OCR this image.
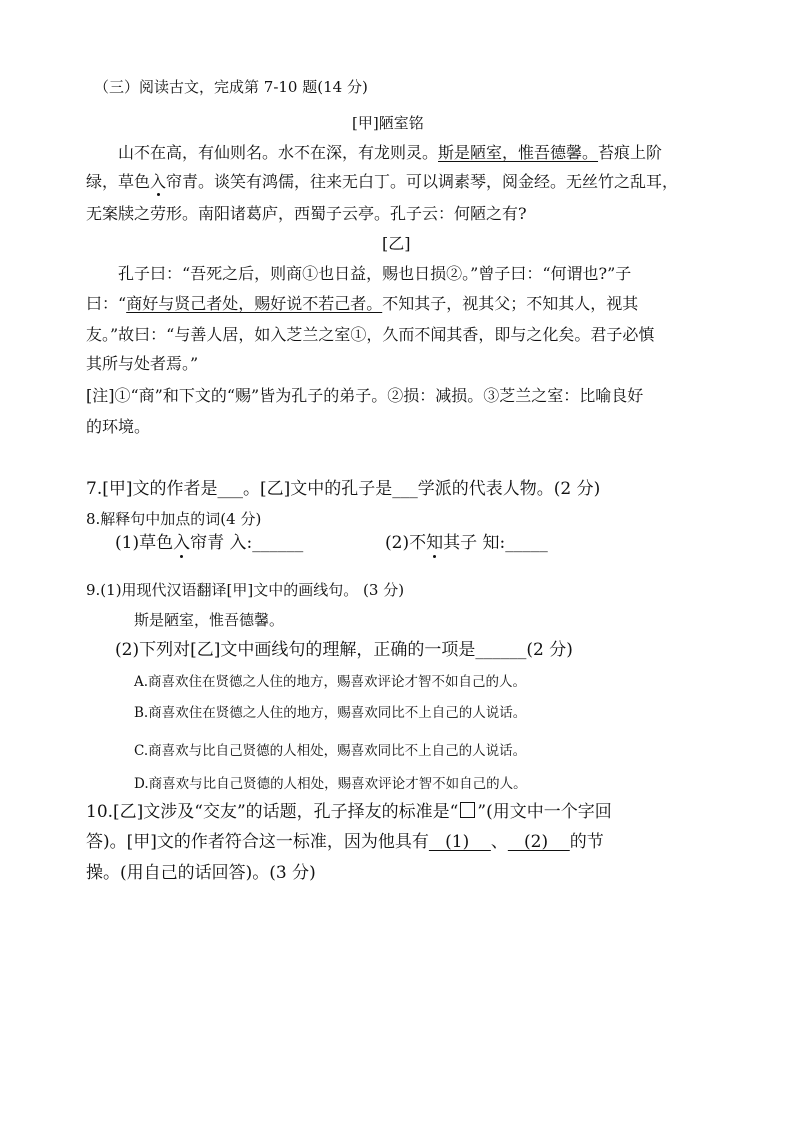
（三）阅读古文，完成第 7-10 题(14 分)
[甲]陋室铭
山不在高，有仙则名。水不在深，有龙则灵。斯是陋室，惟吾德馨。苔痕上阶
绿，草色入帘青。谈笑有鸿儒，往来无白丁。可以调素琴，阅金经。无丝竹之乱耳，
无案牍之劳形。南阳诸葛庐，西蜀子云亭。孔子云：何陋之有?
[乙]
孔子曰：“吾死之后，则商①也日益，赐也日损②。”曾子曰：“何谓也?”子
曰：“商好与贤己者处，赐好说不若己者。不知其子，视其父；不知其人，视其
友。”故曰：“与善人居，如入芝兰之室①，久而不闻其香，即与之化矣。君子必慎
其所与处者焉。”
[注]①“商”和下文的“赐”皆为孔子的弟子。②损：减损。③芝兰之室：比喻良好
的环境。
7.[甲]文的作者是___。[乙]文中的孔子是___学派的代表人物。(2 分)
8.解释句中加点的词(4 分)
(1)草色入帘青 入:______	(2)不知其子 知:_____
9.(1)用现代汉语翻译[甲]文中的画线句。 (3 分)
斯是陋室，惟吾德馨。
(2)下列对[乙]文中画线句的理解，正确的一项是______(2 分)
A.商喜欢住在贤德之人住的地方，赐喜欢评论才智不如自己的人。
B.商喜欢住在贤德之人住的地方，赐喜欢同比不上自己的人说话。
C.商喜欢与比自己贤德的人相处，赐喜欢同比不上自己的人说话。
D.商喜欢与比自己贤德的人相处，赐喜欢评论才智不如自己的人。
10.[乙]文涉及“交友”的话题，孔子择友的标准是“ ”(用文中一个字回
答)。[甲]文的作者符合这一标准，因为他具有   (1)    、   (2)    的节
操。(用自己的话回答)。(3 分)
